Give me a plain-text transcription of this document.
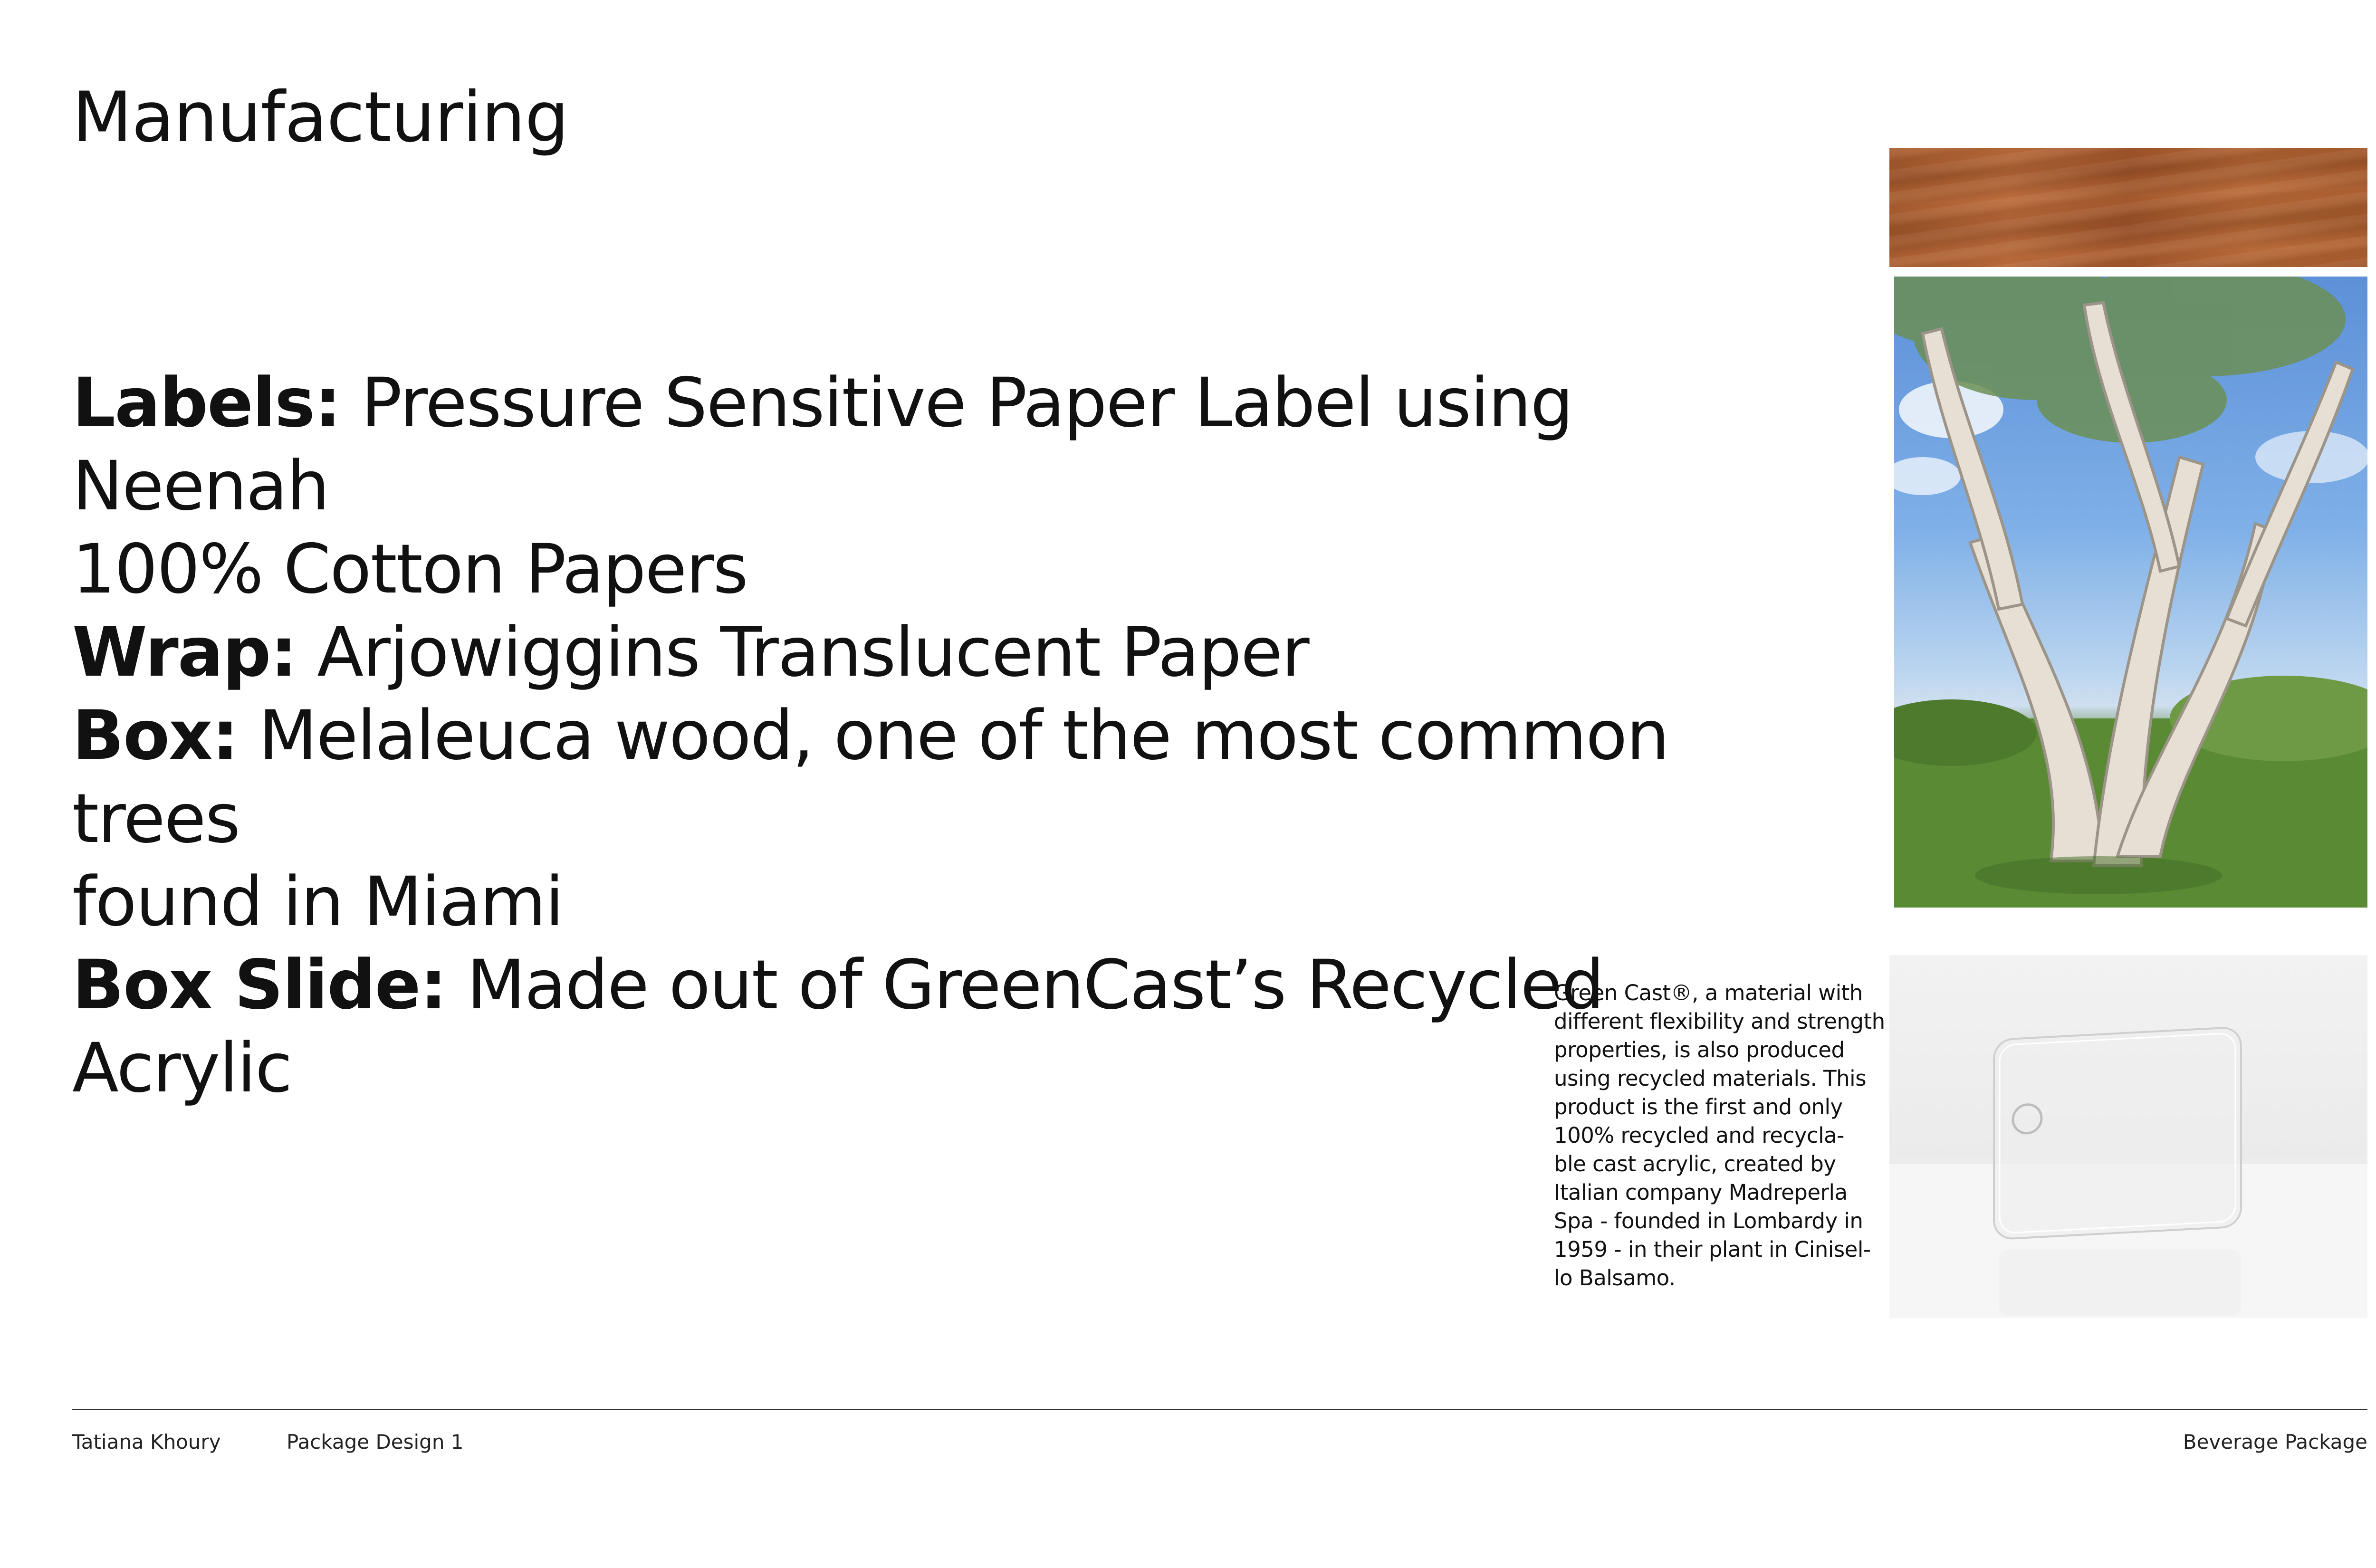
Manufacturing

Labels: Pressure Sensitive Paper Label using Neenah

100% Cotton Papers

Wrap: Arjowiggins Translucent Paper

Box: Melaleuca wood, one of the most common trees

found in Miami

Box Slide: Made out of GreenCast’s Recycled Acrylic

Green Cast®, a material with
different flexibility and strength
properties, is also produced
using recycled materials. This
product is the first and only
100% recycled and recycla-
ble cast acrylic, created by
Italian company Madreperla
Spa - founded in Lombardy in
1959 - in their plant in Cinisel-
lo Balsamo.

Tatiana Khoury	Package Design 1	Beverage Package
